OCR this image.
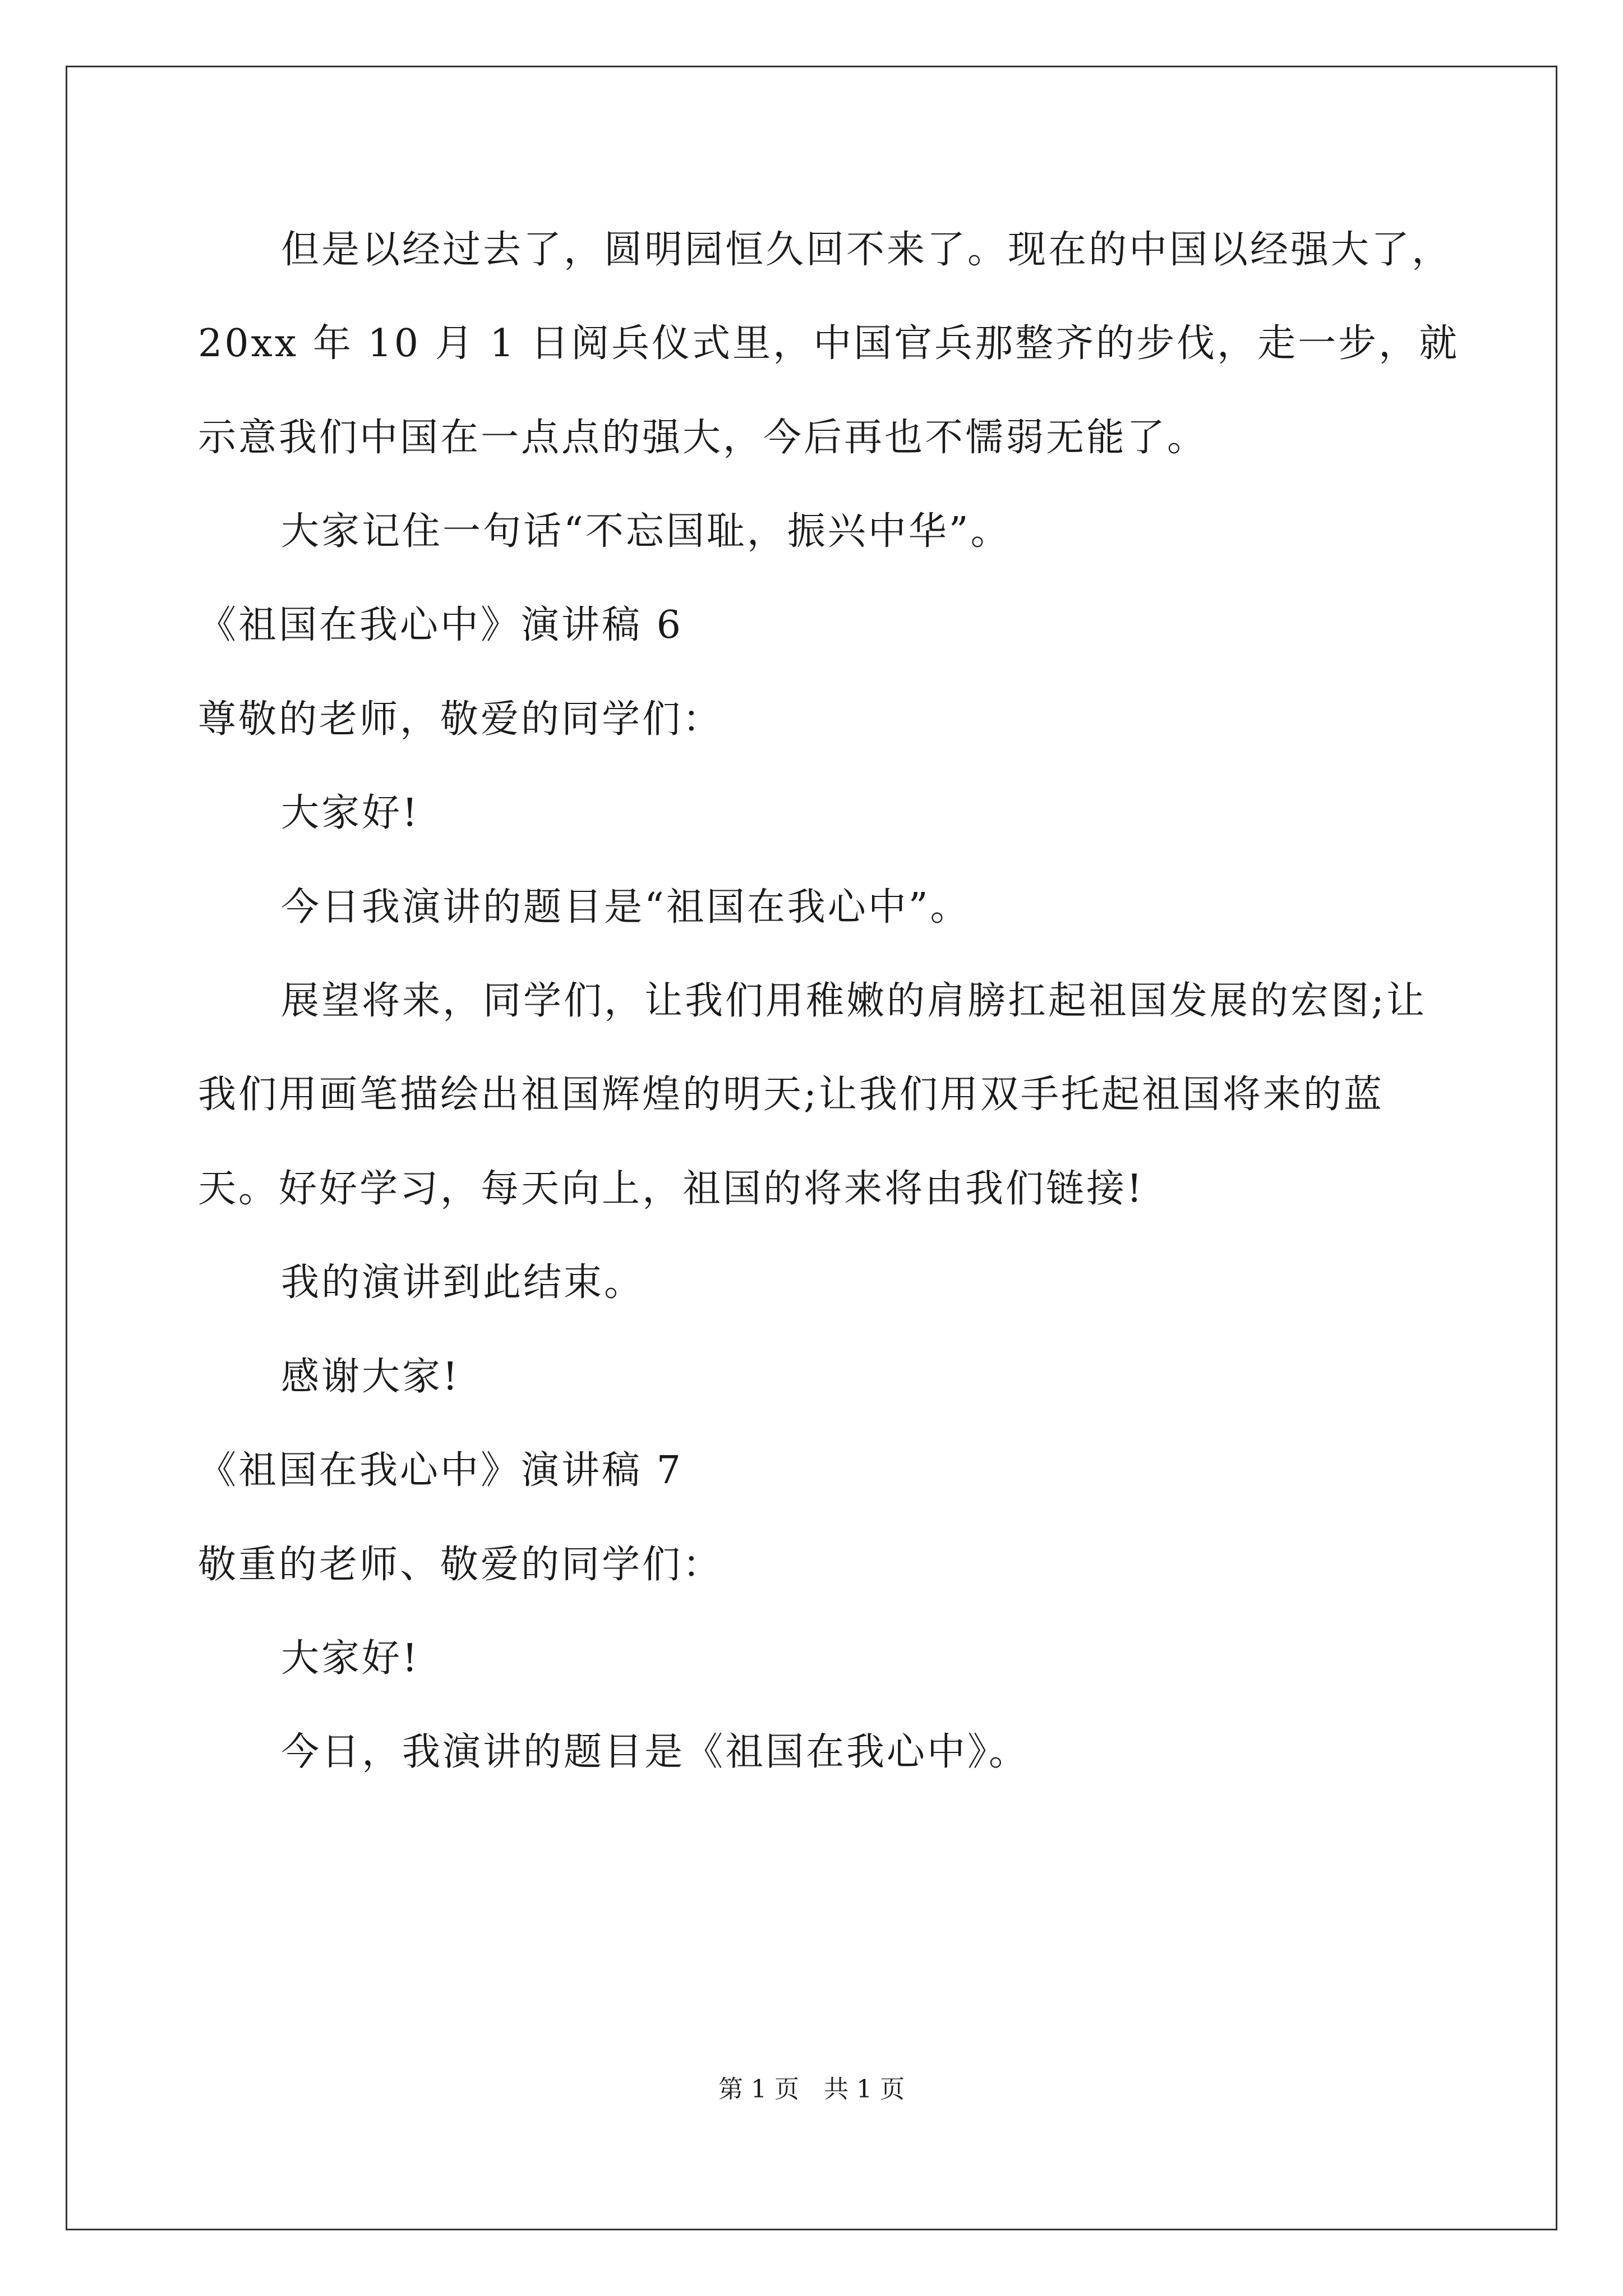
但是以经过去了，圆明园恒久回不来了。现在的中国以经强大了，
20xx 年 10 月 1 日阅兵仪式里，中国官兵那整齐的步伐，走一步，就
示意我们中国在一点点的强大，今后再也不懦弱无能了。
大家记住一句话“不忘国耻，振兴中华”。
《祖国在我心中》演讲稿 6
尊敬的老师，敬爱的同学们：
大家好!
今日我演讲的题目是“祖国在我心中”。
展望将来，同学们，让我们用稚嫩的肩膀扛起祖国发展的宏图;让
我们用画笔描绘出祖国辉煌的明天;让我们用双手托起祖国将来的蓝
天。好好学习，每天向上，祖国的将来将由我们链接!
我的演讲到此结束。
感谢大家!
《祖国在我心中》演讲稿 7
敬重的老师、敬爱的同学们：
大家好!
今日，我演讲的题目是《祖国在我心中》。
第 1 页　共 1 页
